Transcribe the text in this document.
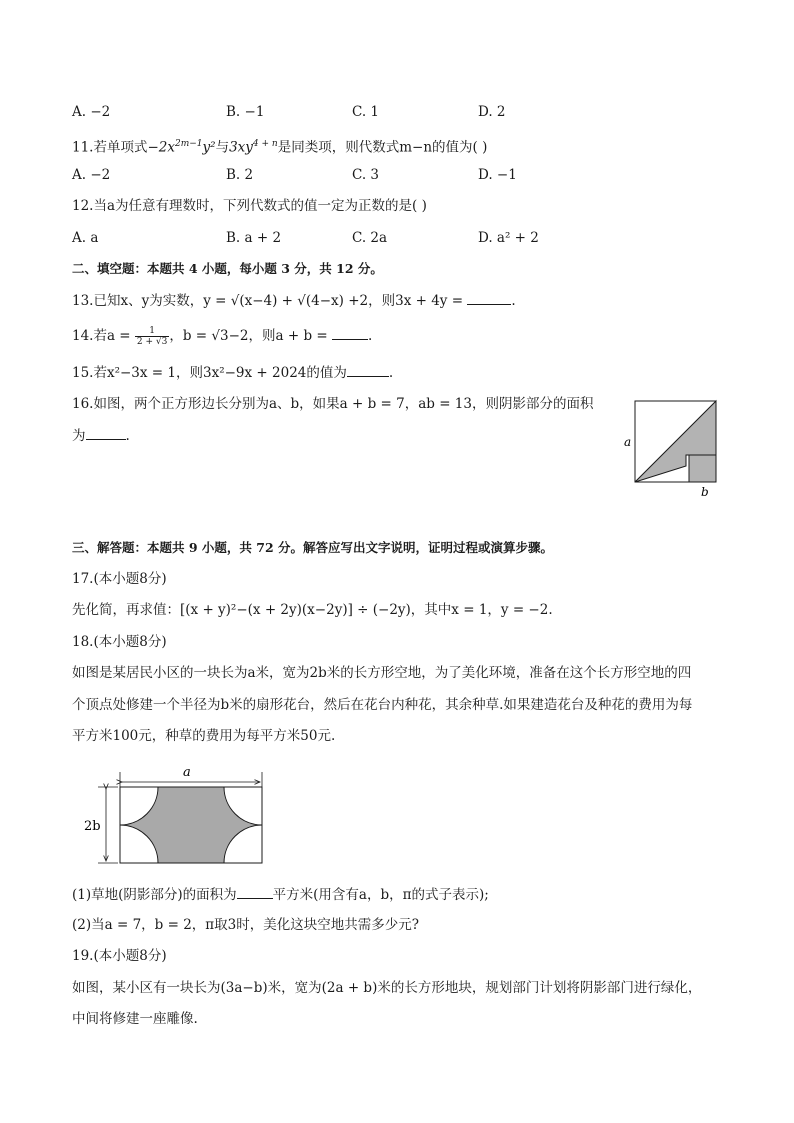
A. −2	B. −1	C. 1	D. 2
11.若单项式$-2x^{2m-1}y^2$与$3xy^{4 + n}$是同类项，则代数式m−n的值为( )
A. −2	B. 2	C. 3	D. −1
12.当a为任意有理数时，下列代数式的值一定为正数的是( )
A. a	B. a + 2	C. 2a	D. a² + 2
二、填空题：本题共 4 小题，每小题 3 分，共 12 分。
13.已知x、y为实数，y = √(x−4) + √(4−x) +2，则3x + 4y =	.
14.若$a = \frac{1}{2 + √3}$ ，b = √3−2，则a + b =	.
15.若x²−3x = 1，则3x²−9x + 2024的值为	.
16.如图，两个正方形边长分别为a、b，如果a + b = 7，ab = 13，则阴影部分的面积
为	.	a
b
三、解答题：本题共 9 小题，共 72 分。解答应写出文字说明，证明过程或演算步骤。
17.(本小题8分)
先化简，再求值：[(x + y)²−(x + 2y)(x−2y)] ÷ (−2y)，其中x = 1，y = −2.
18.(本小题8分)
如图是某居民小区的一块长为a米，宽为2b米的长方形空地，为了美化环境，准备在这个长方形空地的四
个顶点处修建一个半径为b米的扇形花台，然后在花台内种花，其余种草.如果建造花台及种花的费用为每
平方米100元，种草的费用为每平方米50元.
a
2b
(1)草地(阴影部分)的面积为	平方米(用含有a，b，π的式子表示);
(2)当a = 7，b = 2，π取3时，美化这块空地共需多少元?
19.(本小题8分)
如图，某小区有一块长为(3a−b)米，宽为(2a + b)米的长方形地块，规划部门计划将阴影部门进行绿化，
中间将修建一座雕像.
